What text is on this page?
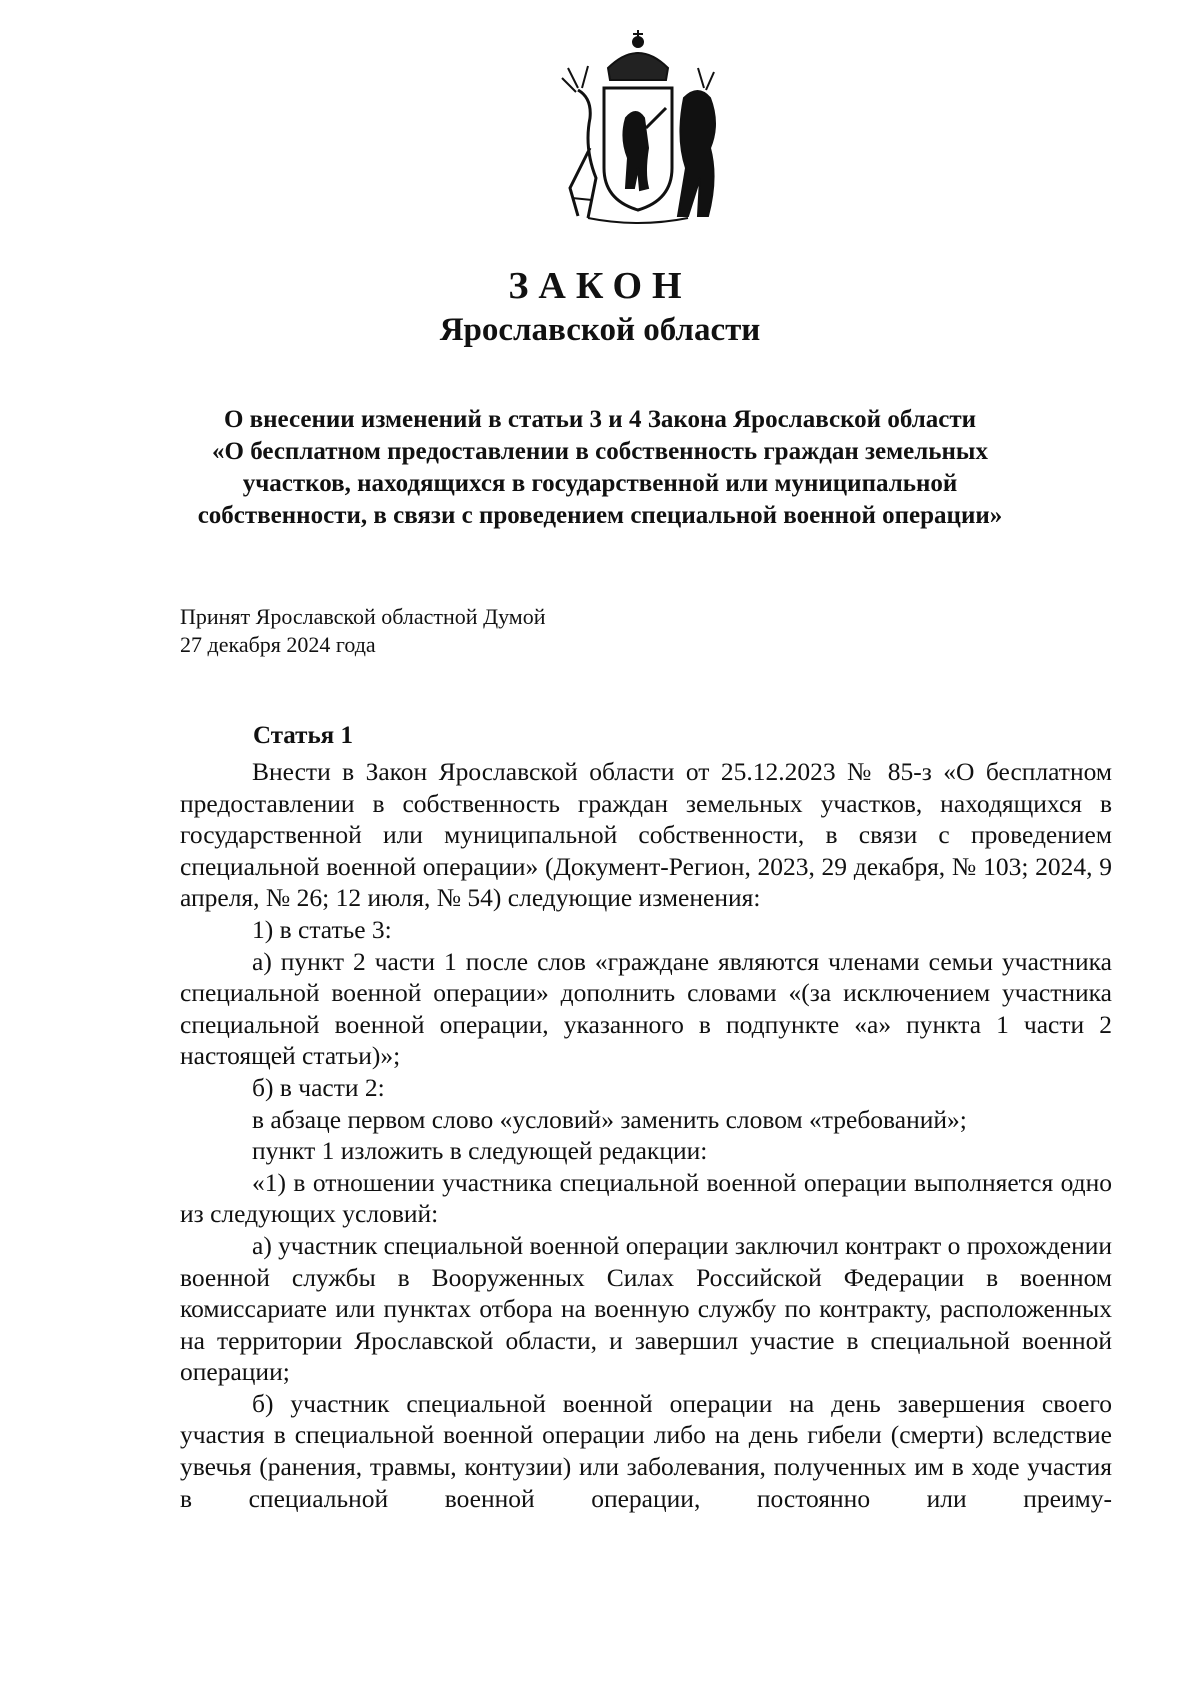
ЗАКОН
Ярославской области
О внесении изменений в статьи 3 и 4 Закона Ярославской области
«О бесплатном предоставлении в собственность граждан земельных
участков, находящихся в государственной или муниципальной
собственности, в связи с проведением специальной военной операции»
Принят Ярославской областной Думой
27 декабря 2024 года
Статья 1

Внести в Закон Ярославской области от 25.12.2023 № 85-з «О бесплатном предоставлении в собственность граждан земельных участков, находящихся в государственной или муниципальной собственности, в связи с проведением специальной военной операции» (Документ-Регион, 2023, 29 декабря, № 103; 2024, 9 апреля, № 26; 12 июля, № 54) следующие изменения:

1) в статье 3:

а) пункт 2 части 1 после слов «граждане являются членами семьи участника специальной военной операции» дополнить словами «(за исключением участника специальной военной операции, указанного в подпункте «а» пункта 1 части 2 настоящей статьи)»;

б) в части 2:

в абзаце первом слово «условий» заменить словом «требований»;

пункт 1 изложить в следующей редакции:

«1) в отношении участника специальной военной операции выполняется одно из следующих условий:

а) участник специальной военной операции заключил контракт о прохождении военной службы в Вооруженных Силах Российской Федерации в военном комиссариате или пунктах отбора на военную службу по контракту, расположенных на территории Ярославской области, и завершил участие в специальной военной операции;

б) участник специальной военной операции на день завершения своего участия в специальной военной операции либо на день гибели (смерти) вследствие увечья (ранения, травмы, контузии) или заболевания, полученных им в ходе участия в специальной военной операции, постоянно или преиму-
